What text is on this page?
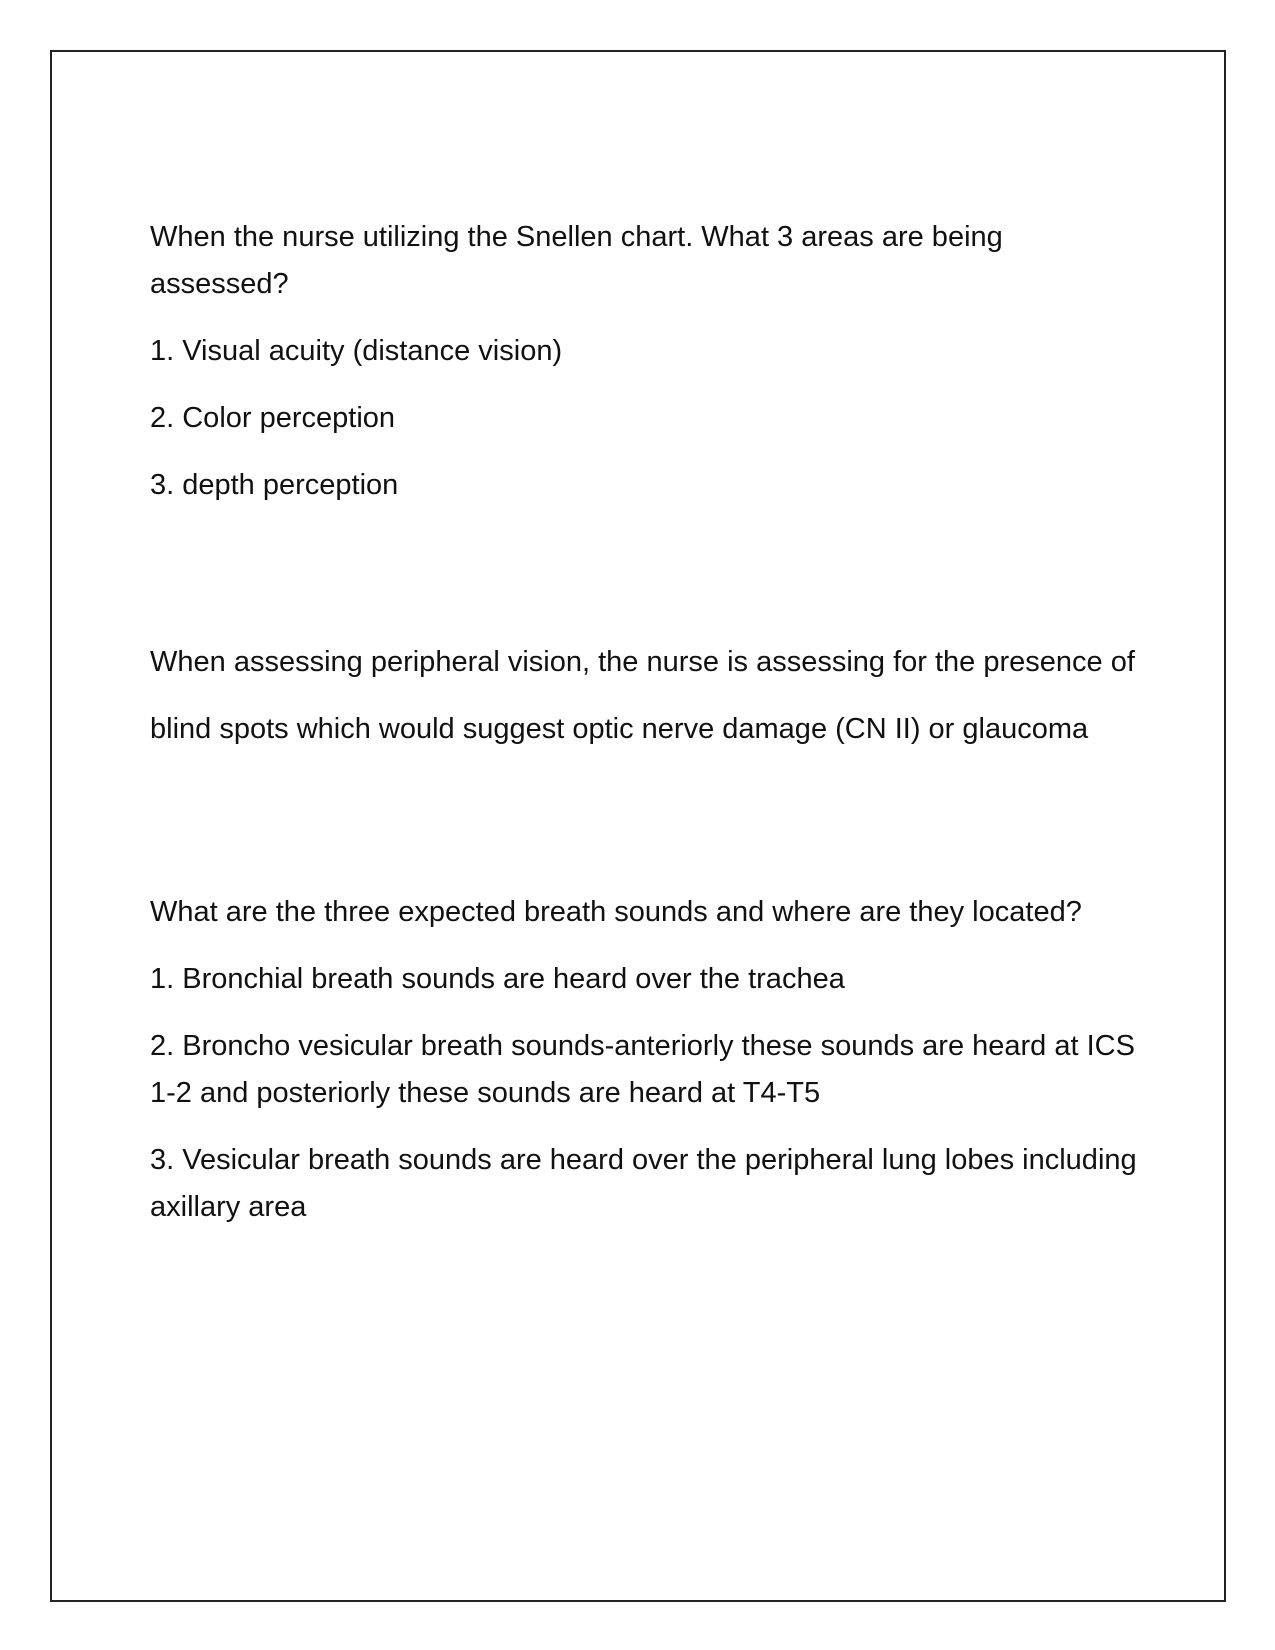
When the nurse utilizing the Snellen chart. What 3 areas are being assessed?

1. Visual acuity (distance vision)

2. Color perception

3. depth perception

When assessing peripheral vision, the nurse is assessing for the presence of

blind spots which would suggest optic nerve damage (CN II) or glaucoma

What are the three expected breath sounds and where are they located?

1. Bronchial breath sounds are heard over the trachea

2. Broncho vesicular breath sounds-anteriorly these sounds are heard at ICS 1-2 and posteriorly these sounds are heard at T4-T5

3. Vesicular breath sounds are heard over the peripheral lung lobes including axillary area
